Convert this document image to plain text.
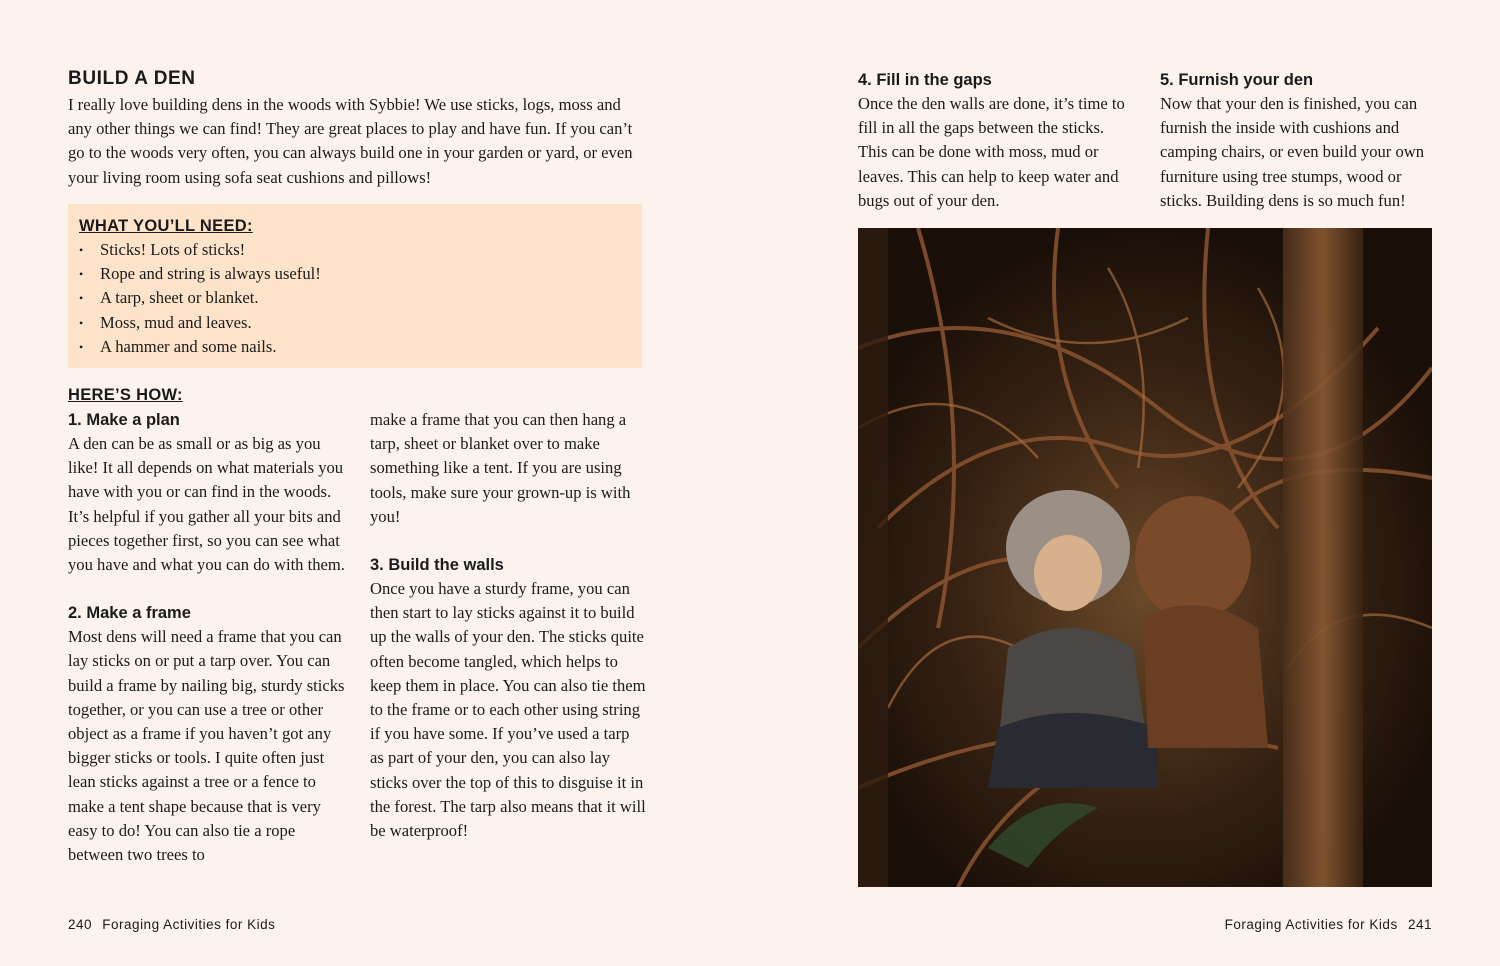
BUILD A DEN

I really love building dens in the woods with Sybbie! We use sticks, logs, moss and any other things we can find! They are great places to play and have fun. If you can’t go to the woods very often, you can always build one in your garden or yard, or even your living room using sofa seat cushions and pillows!

WHAT YOU’LL NEED:
• Sticks! Lots of sticks!
• Rope and string is always useful!
• A tarp, sheet or blanket.
• Moss, mud and leaves.
• A hammer and some nails.
HERE’S HOW:
1. Make a plan

A den can be as small or as big as you like! It all depends on what materials you have with you or can find in the woods. It’s helpful if you gather all your bits and pieces together first, so you can see what you have and what you can do with them.

2. Make a frame

Most dens will need a frame that you can lay sticks on or put a tarp over. You can build a frame by nailing big, sturdy sticks together, or you can use a tree or other object as a frame if you haven’t got any bigger sticks or tools. I quite often just lean sticks against a tree or a fence to make a tent shape because that is very easy to do! You can also tie a rope between two trees to

make a frame that you can then hang a tarp, sheet or blanket over to make something like a tent. If you are using tools, make sure your grown-up is with you!

3. Build the walls

Once you have a sturdy frame, you can then start to lay sticks against it to build up the walls of your den. The sticks quite often become tangled, which helps to keep them in place. You can also tie them to the frame or to each other using string if you have some. If you’ve used a tarp as part of your den, you can also lay sticks over the top of this to disguise it in the forest. The tarp also means that it will be waterproof!

240 Foraging Activities for Kids
4. Fill in the gaps

Once the den walls are done, it’s time to fill in all the gaps between the sticks. This can be done with moss, mud or leaves. This can help to keep water and bugs out of your den.

5. Furnish your den

Now that your den is finished, you can furnish the inside with cushions and camping chairs, or even build your own furniture using tree stumps, wood or sticks. Building dens is so much fun!

Foraging Activities for Kids 241
